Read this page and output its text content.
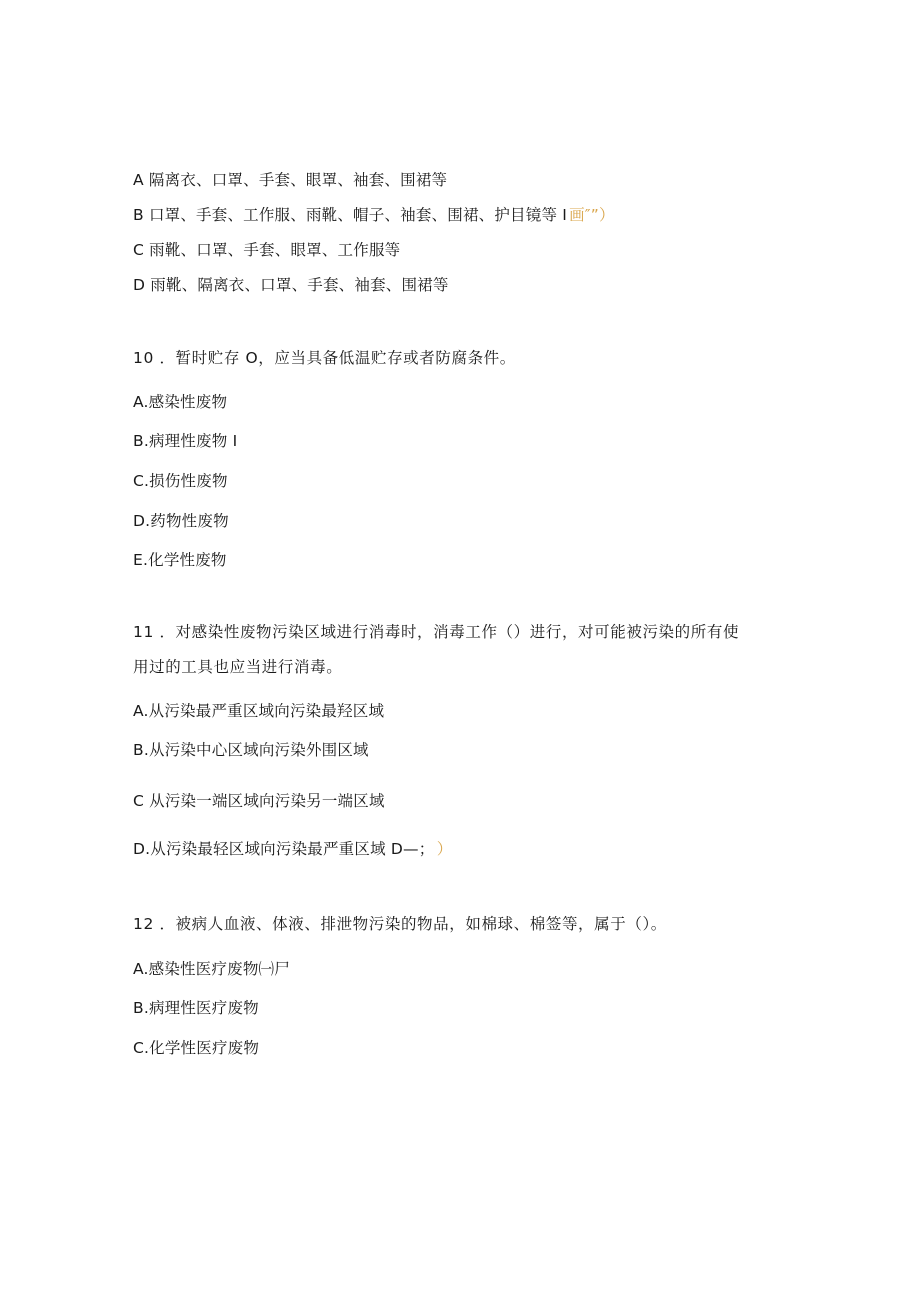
A 隔离衣、口罩、手套、眼罩、袖套、围裙等
B 口罩、手套、工作服、雨靴、帽子、袖套、围裙、护目镜等 I 画″”）
C 雨靴、口罩、手套、眼罩、工作服等
D 雨靴、隔离衣、口罩、手套、袖套、围裙等
10 ．暂时贮存 O，应当具备低温贮存或者防腐条件。
A.感染性废物
B.病理性废物 I
C.损伤性废物
D.药物性废物
E.化学性废物
11 ．对感染性废物污染区域进行消毒时，消毒工作（）进行，对可能被污染的所有使
用过的工具也应当进行消毒。
A.从污染最严重区域向污染最羟区域
B.从污染中心区域向污染外围区域
C 从污染一端区域向污染另一端区域
D.从污染最轻区域向污染最严重区域 D—； ）
12 ．被病人血液、体液、排泄物污染的物品，如棉球、棉签等，属于（）。
A.感染性医疗废物㈠尸
B.病理性医疗废物
C.化学性医疗废物
